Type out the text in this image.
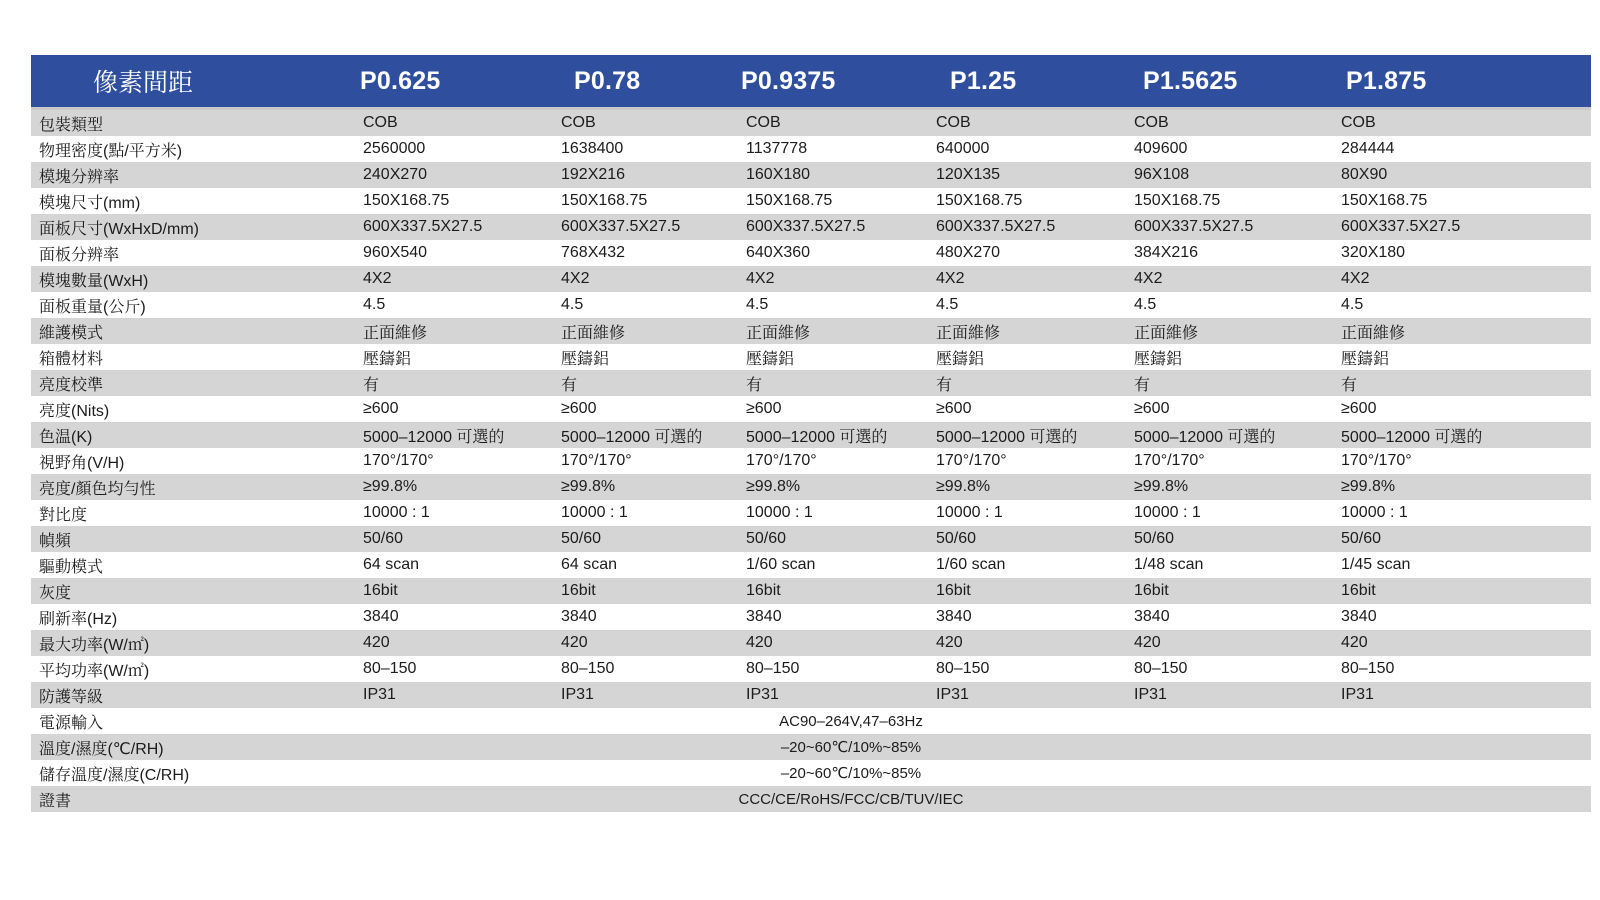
像素間距	P0.625	P0.78	P0.9375	P1.25	P1.5625	P1.875
包裝類型	COB	COB	COB	COB	COB	COB
物理密度(點/平方米)	2560000	1638400	1137778	640000	409600	284444
模塊分辨率	240X270	192X216	160X180	120X135	96X108	80X90
模塊尺寸(mm)	150X168.75	150X168.75	150X168.75	150X168.75	150X168.75	150X168.75
面板尺寸(WxHxD/mm)	600X337.5X27.5	600X337.5X27.5	600X337.5X27.5	600X337.5X27.5	600X337.5X27.5	600X337.5X27.5
面板分辨率	960X540	768X432	640X360	480X270	384X216	320X180
模塊數量(WxH)	4X2	4X2	4X2	4X2	4X2	4X2
面板重量(公斤)	4.5	4.5	4.5	4.5	4.5	4.5
維護模式	正面維修	正面維修	正面維修	正面維修	正面維修	正面維修
箱體材料	壓鑄鋁	壓鑄鋁	壓鑄鋁	壓鑄鋁	壓鑄鋁	壓鑄鋁
亮度校準	有	有	有	有	有	有
亮度(Nits)	≥600	≥600	≥600	≥600	≥600	≥600
色温(K)	5000–12000 可選的	5000–12000 可選的	5000–12000 可選的	5000–12000 可選的	5000–12000 可選的	5000–12000 可選的
視野角(V/H)	170°/170°	170°/170°	170°/170°	170°/170°	170°/170°	170°/170°
亮度/顏色均勻性	≥99.8%	≥99.8%	≥99.8%	≥99.8%	≥99.8%	≥99.8%
對比度	10000 : 1	10000 : 1	10000 : 1	10000 : 1	10000 : 1	10000 : 1
幀頻	50/60	50/60	50/60	50/60	50/60	50/60
驅動模式	64 scan	64 scan	1/60 scan	1/60 scan	1/48 scan	1/45 scan
灰度	16bit	16bit	16bit	16bit	16bit	16bit
刷新率(Hz)	3840	3840	3840	3840	3840	3840
最大功率(W/㎡)	420	420	420	420	420	420
平均功率(W/㎡)	80–150	80–150	80–150	80–150	80–150	80–150
防護等級	IP31	IP31	IP31	IP31	IP31	IP31
電源輸入	AC90–264V,47–63Hz
溫度/濕度(℃/RH)	–20~60℃/10%~85%
儲存溫度/濕度(C/RH)	–20~60℃/10%~85%
證書	CCC/CE/RoHS/FCC/CB/TUV/IEC
